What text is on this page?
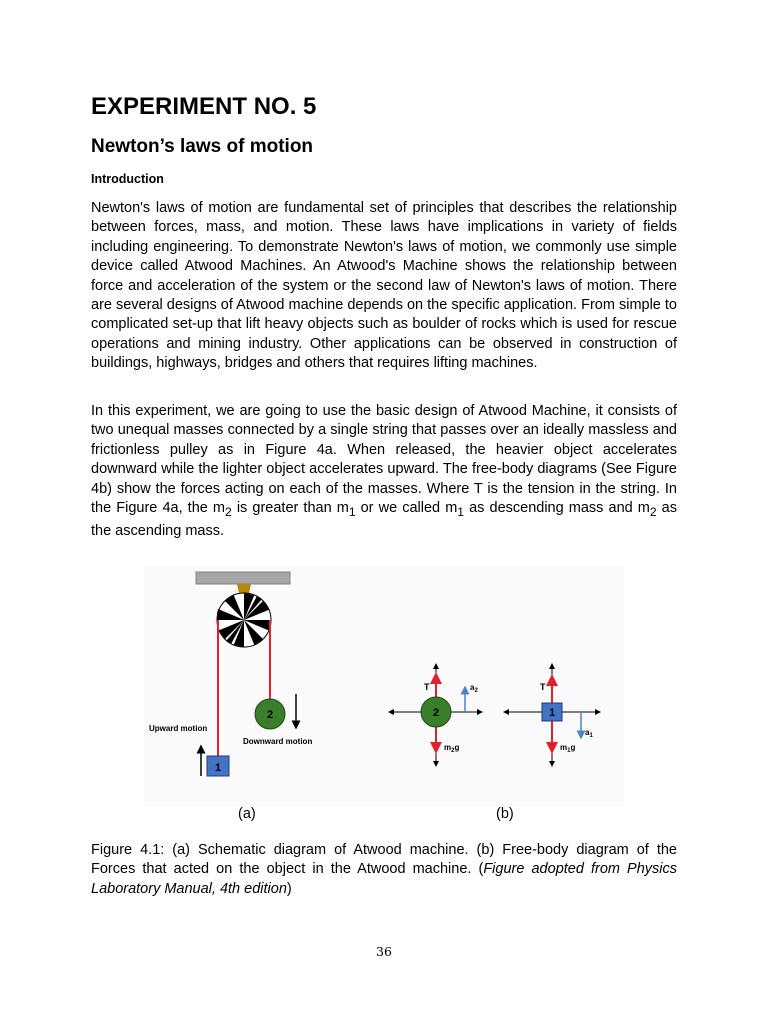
EXPERIMENT NO. 5
Newton’s laws of motion
Introduction

Newton's laws of motion are fundamental set of principles that describes the relationship between forces, mass, and motion. These laws have implications in variety of fields including engineering. To demonstrate Newton's laws of motion, we commonly use simple device called Atwood Machines. An Atwood's Machine shows the relationship between force and acceleration of the system or the second law of Newton's laws of motion. There are several designs of Atwood machine depends on the specific application. From simple to complicated set-up that lift heavy objects such as boulder of rocks which is used for rescue operations and mining industry. Other applications can be observed in construction of buildings, highways, bridges and others that requires lifting machines.

In this experiment, we are going to use the basic design of Atwood Machine, it consists of two unequal masses connected by a single string that passes over an ideally massless and frictionless pulley as in Figure 4a. When released, the heavier object accelerates downward while the lighter object accelerates upward. The free-body diagrams (See Figure 4b) show the forces acting on each of the masses. Where T is the tension in the string. In the Figure 4a, the $m_2$ is greater than $m_1$ or we called $m_1$ as descending mass and $m_2$ as the ascending mass.

1
2
Upward motion
Downward motion
2
T	$a_2$
$m_2g$
1
T
$a_1$
$m_1g$
(a)	(b)

Figure 4.1: (a) Schematic diagram of Atwood machine. (b) Free-body diagram of the Forces that acted on the object in the Atwood machine. (Figure adopted from Physics Laboratory Manual, 4th edition)

36
